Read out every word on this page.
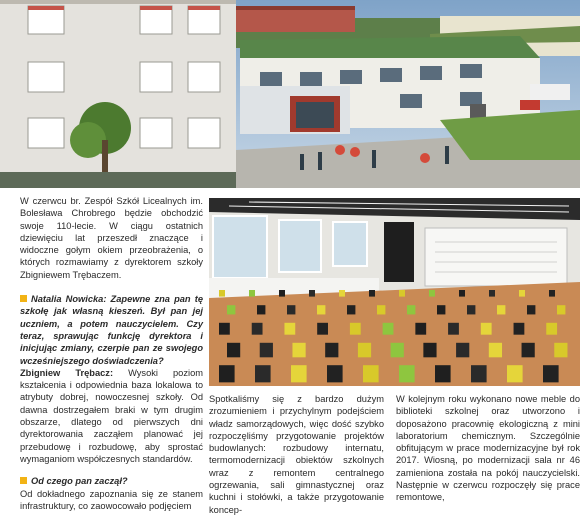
W czerwcu br. Zespół Szkół Licealnych im. Bolesława Chrobrego będzie obchodzić swoje 110-lecie. W ciągu ostatnich dziewięciu lat przeszedł znaczące i widoczne gołym okiem przeobrażenia, o których rozmawiamy z dyrektorem szkoły Zbigniewem Trębaczem.

Natalia Nowicka: Zapewne zna pan tę szkołę jak własną kieszeń. Był pan jej uczniem, a potem nauczycielem. Czy teraz, sprawując funkcję dyrektora i inicjując zmiany, czerpie pan ze swojego wcześniejszego doświadczenia?

Zbigniew Trębacz: Wysoki poziom kształcenia i odpowiednia baza lokalowa to atrybuty dobrej, nowoczesnej szkoły. Od dawna dostrzegałem braki w tym drugim obszarze, dlatego od pierwszych dni dyrektorowania zacząłem planować jej przebudowę i rozbudowę, aby sprostać wymaganiom współczesnych standardów.

Od czego pan zaczął?

Od dokładnego zapoznania się ze stanem infrastruktury, co zaowocowało podjęciem

Spotkaliśmy się z bardzo dużym zrozumieniem i przychylnym podejściem władz samorządowych, więc dość szybko rozpoczęliśmy przygotowanie projektów budowlanych: rozbudowy internatu, termomodernizacji obiektów szkolnych wraz z remontem centralnego ogrzewania, sali gimnastycznej oraz kuchni i stołówki, a także przygotowanie koncep-

W kolejnym roku wykonano nowe meble do biblioteki szkolnej oraz utworzono i doposażono pracownię ekologiczną z mini laboratorium chemicznym. Szczególnie obfitującym w prace modernizacyjne był rok 2017. Wiosną, po modernizacji sala nr 46 zamieniona została na pokój nauczycielski. Następnie w czerwcu rozpoczęły się prace remontowe,
